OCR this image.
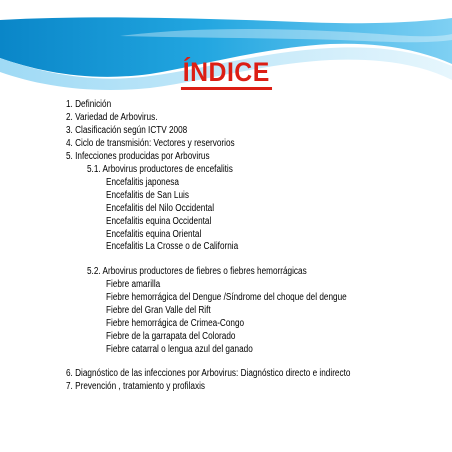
ÍNDICE
1. Definición
2. Variedad de Arbovirus.
3. Clasificación según ICTV 2008
4. Ciclo de transmisión: Vectores y reservorios
5. Infecciones producidas por Arbovirus
5.1. Arbovirus productores de encefalitis
Encefalitis japonesa
Encefalitis de San Luis
Encefalitis del Nilo Occidental
Encefalitis equina Occidental
Encefalitis equina Oriental
Encefalitis La Crosse o de California
5.2. Arbovirus productores de fiebres o fiebres hemorrágicas
Fiebre amarilla
Fiebre hemorrágica del Dengue /Síndrome del choque del dengue
Fiebre del Gran Valle del Rift
Fiebre hemorrágica de Crimea-Congo
Fiebre de la garrapata del Colorado
Fiebre catarral o lengua azul del ganado
6. Diagnóstico de las infecciones por Arbovirus: Diagnóstico directo e indirecto
7. Prevención , tratamiento y profilaxis
